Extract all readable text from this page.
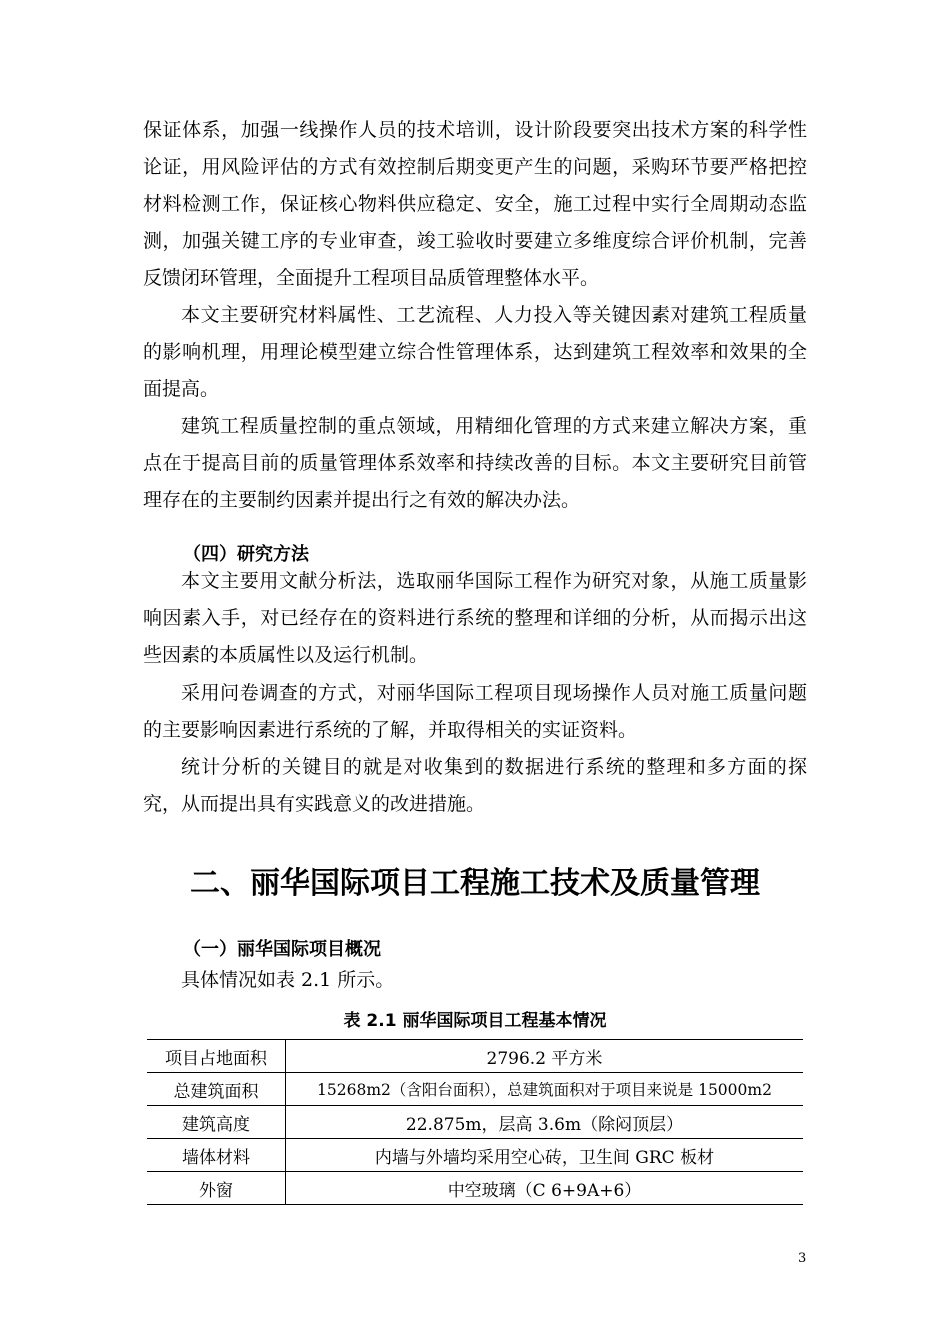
保证体系，加强一线操作人员的技术培训，设计阶段要突出技术方案的科学性论证，用风险评估的方式有效控制后期变更产生的问题，采购环节要严格把控材料检测工作，保证核心物料供应稳定、安全，施工过程中实行全周期动态监测，加强关键工序的专业审查，竣工验收时要建立多维度综合评价机制，完善反馈闭环管理，全面提升工程项目品质管理整体水平。

本文主要研究材料属性、工艺流程、人力投入等关键因素对建筑工程质量的影响机理，用理论模型建立综合性管理体系，达到建筑工程效率和效果的全面提高。

建筑工程质量控制的重点领域，用精细化管理的方式来建立解决方案，重点在于提高目前的质量管理体系效率和持续改善的目标。本文主要研究目前管理存在的主要制约因素并提出行之有效的解决办法。

（四）研究方法

本文主要用文献分析法，选取丽华国际工程作为研究对象，从施工质量影响因素入手，对已经存在的资料进行系统的整理和详细的分析，从而揭示出这些因素的本质属性以及运行机制。

采用问卷调查的方式，对丽华国际工程项目现场操作人员对施工质量问题的主要影响因素进行系统的了解，并取得相关的实证资料。

统计分析的关键目的就是对收集到的数据进行系统的整理和多方面的探究，从而提出具有实践意义的改进措施。

二、丽华国际项目工程施工技术及质量管理

（一）丽华国际项目概况

具体情况如表 2.1 所示。

表 2.1 丽华国际项目工程基本情况

项目占地面积	2796.2 平方米
总建筑面积	15268m2（含阳台面积），总建筑面积对于项目来说是 15000m2
建筑高度	22.875m，层高 3.6m（除闷顶层）
墙体材料	内墙与外墙均采用空心砖，卫生间 GRC 板材
外窗	中空玻璃（C 6+9A+6）
3
